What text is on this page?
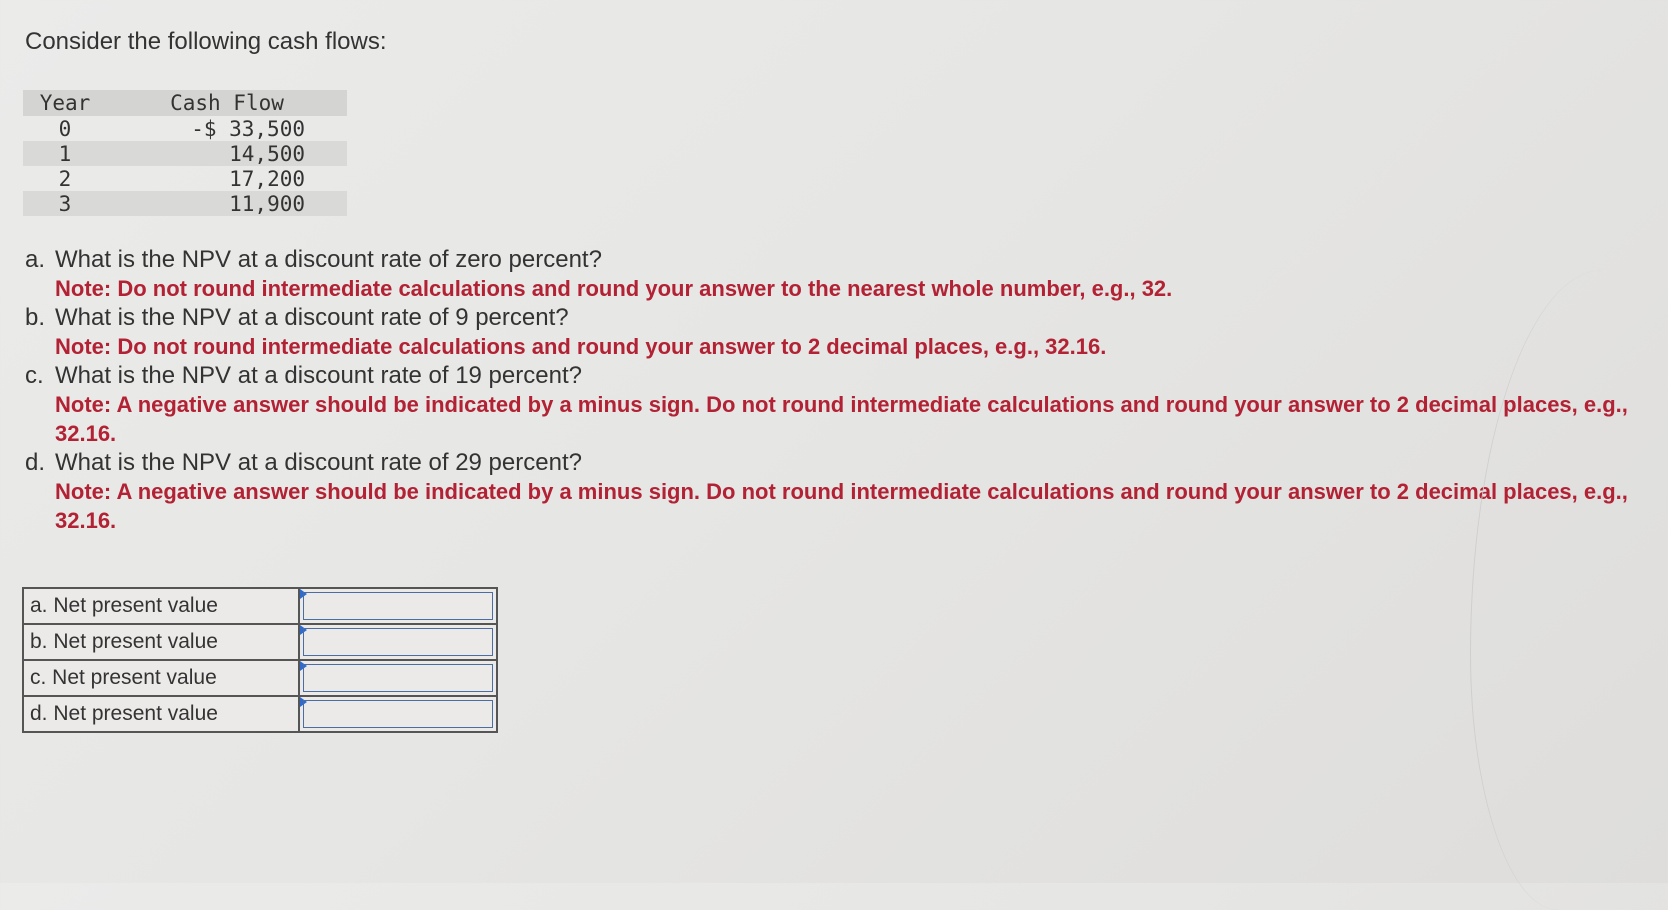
Consider the following cash flows:
Year	Cash Flow
0	-$ 33,500
1	14,500
2	17,200
3	11,900
a. What is the NPV at a discount rate of zero percent?
Note: Do not round intermediate calculations and round your answer to the nearest whole number, e.g., 32.
b. What is the NPV at a discount rate of 9 percent?
Note: Do not round intermediate calculations and round your answer to 2 decimal places, e.g., 32.16.
c. What is the NPV at a discount rate of 19 percent?
Note: A negative answer should be indicated by a minus sign. Do not round intermediate calculations and round your answer to 2 decimal places, e.g., 32.16.
d. What is the NPV at a discount rate of 29 percent?
Note: A negative answer should be indicated by a minus sign. Do not round intermediate calculations and round your answer to 2 decimal places, e.g., 32.16.
a. Net present value	

b. Net present value	

c. Net present value	

d. Net present value	
